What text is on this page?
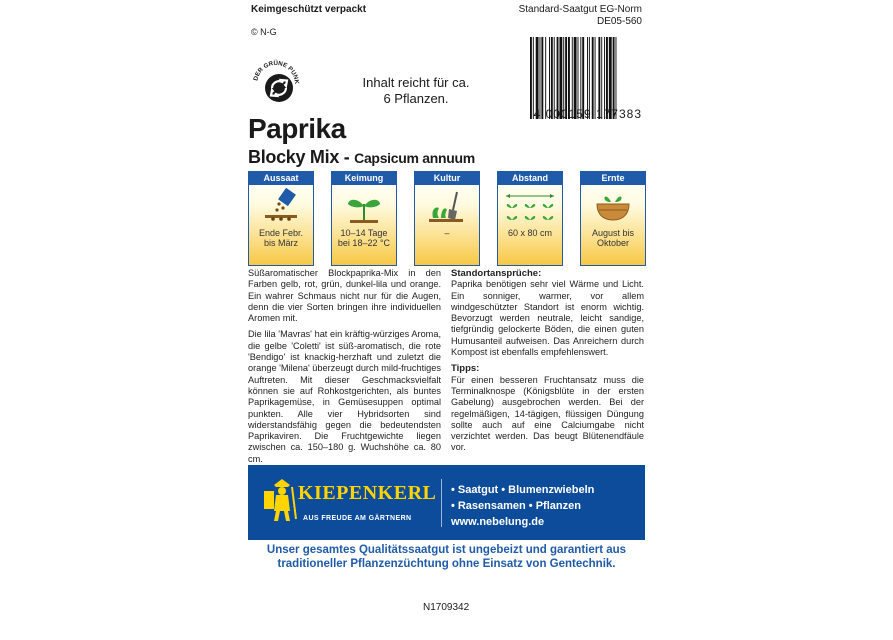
Keimgeschützt verpackt
© N-G
Standard-Saatgut EG-Norm
DE05-560
DER GRÜNE PUNK	Inhalt reicht für ca.
6 Pflanzen.
4 000159 177383
Paprika
Blocky Mix - Capsicum annuum
Aussaat
Ende Febr.
bis März
Keimung
10–14 Tage
bei 18–22 °C
Kultur
–
Abstand
60 x 80 cm
Ernte
August bis
Oktober

Süßaromatischer Blockpaprika-Mix in den Farben gelb, rot, grün, dunkel-lila und orange. Ein wahrer Schmaus nicht nur für die Augen, denn die vier Sorten bringen ihre individuellen Aromen mit.

Die lila 'Mavras' hat ein kräftig-würziges Aroma, die gelbe 'Coletti' ist süß-aromatisch, die rote 'Bendigo' ist knackig-herzhaft und zuletzt die orange 'Milena' überzeugt durch mild-fruchtiges Auftreten. Mit dieser Geschmacksvielfalt können sie auf Rohkostgerichten, als buntes Paprikagemüse, in Gemüsesuppen optimal punkten. Alle vier Hybridsorten sind widerstandsfähig gegen die bedeutendsten Paprikaviren. Die Fruchtgewichte liegen zwischen ca. 150–180 g. Wuchshöhe ca. 80 cm.

Standortansprüche:

Paprika benötigen sehr viel Wärme und Licht. Ein sonniger, warmer, vor allem windgeschützter Standort ist enorm wichtig. Bevorzugt werden neutrale, leicht sandige, tiefgründig gelockerte Böden, die einen guten Humusanteil aufweisen. Das Anreichern durch Kompost ist ebenfalls empfehlenswert.

Tipps:

Für einen besseren Fruchtansatz muss die Terminalknospe (Königsblüte in der ersten Gabelung) ausgebrochen werden. Bei der regelmäßigen, 14-tägigen, flüssigen Düngung sollte auch auf eine Calciumgabe nicht verzichtet werden. Das beugt Blütenendfäule vor.

KIEPENKERL
AUS FREUDE AM GÄRTNERN
• Saatgut • Blumenzwiebeln
• Rasensamen • Pflanzen
www.nebelung.de
Unser gesamtes Qualitätssaatgut ist ungebeizt und garantiert aus
traditioneller Pflanzenzüchtung ohne Einsatz von Gentechnik.
N1709342
